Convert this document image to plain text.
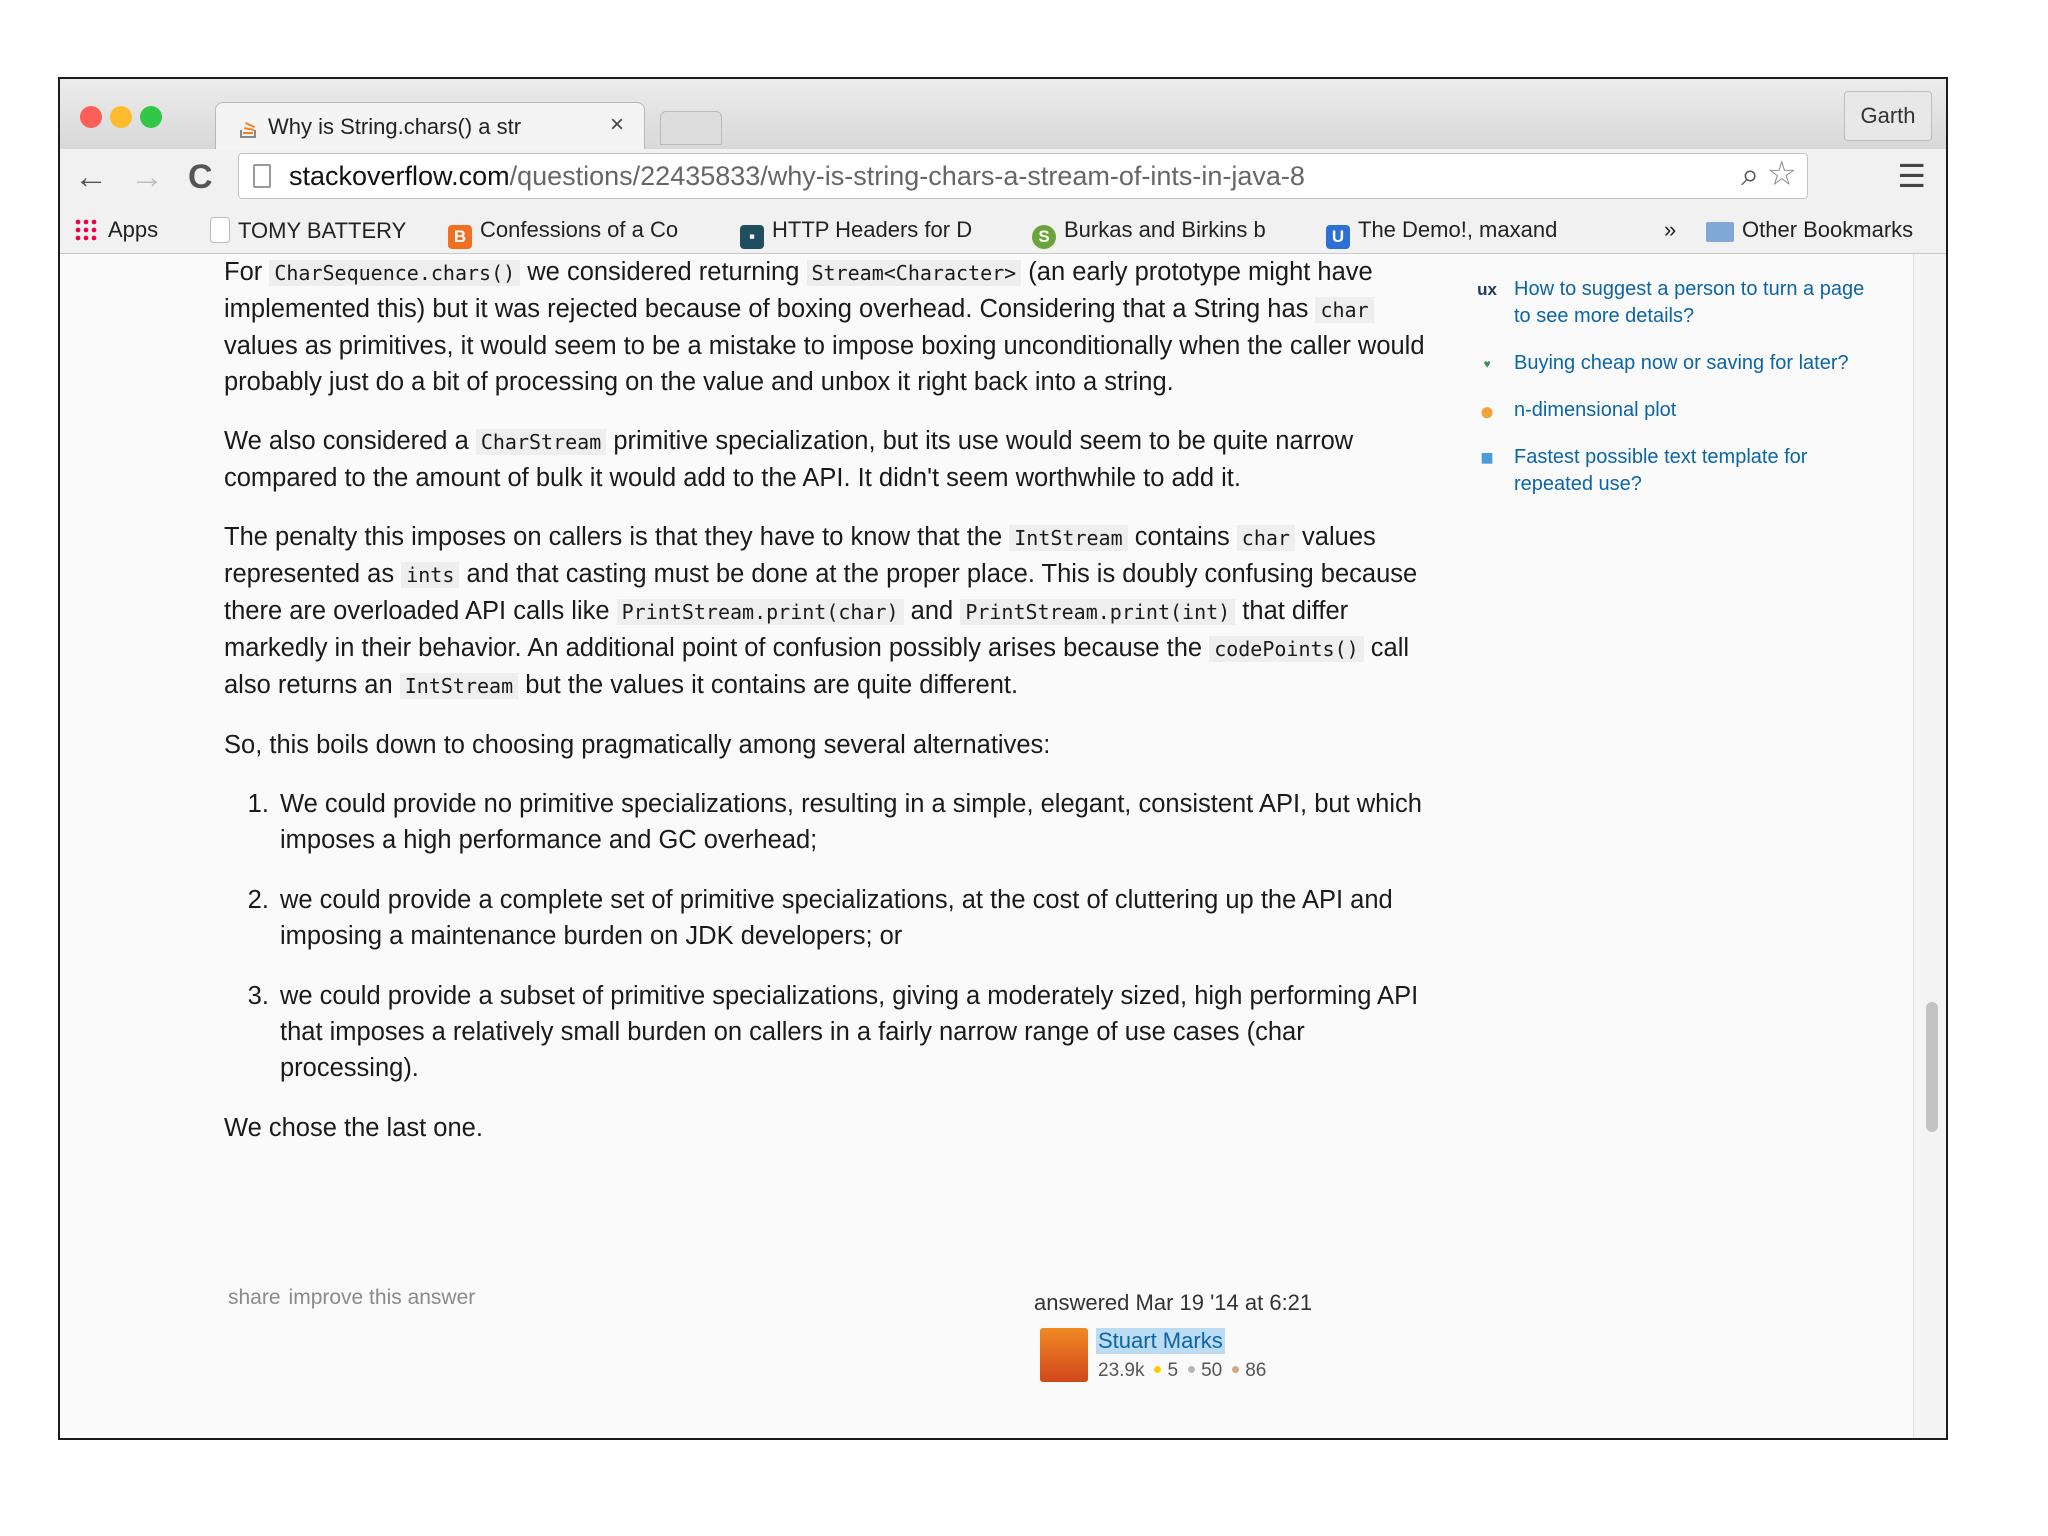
Why is String.chars() a str	×	Garth
← → C	stackoverflow.com/questions/22435833/why-is-string-chars-a-stream-of-ints-in-java-8	⌕ ☆	☰
Apps	TOMY BATTERY	B Confessions of a Co	▪ HTTP Headers for D	S Burkas and Birkins b	U The Demo!, maxand	»	Other Bookmarks

For CharSequence.chars() we considered returning Stream<Character> (an early prototype might have implemented this) but it was rejected because of boxing overhead. Considering that a String has char values as primitives, it would seem to be a mistake to impose boxing unconditionally when the caller would probably just do a bit of processing on the value and unbox it right back into a string.

We also considered a CharStream primitive specialization, but its use would seem to be quite narrow compared to the amount of bulk it would add to the API. It didn't seem worthwhile to add it.

The penalty this imposes on callers is that they have to know that the IntStream contains char values represented as ints and that casting must be done at the proper place. This is doubly confusing because there are overloaded API calls like PrintStream.print(char) and PrintStream.print(int) that differ markedly in their behavior. An additional point of confusion possibly arises because the codePoints() call also returns an IntStream but the values it contains are quite different.

So, this boils down to choosing pragmatically among several alternatives:

1. We could provide no primitive specializations, resulting in a simple, elegant, consistent API, but which imposes a high performance and GC overhead;
2. we could provide a complete set of primitive specializations, at the cost of cluttering up the API and imposing a maintenance burden on JDK developers; or
3. we could provide a subset of primitive specializations, giving a moderately sized, high performing API that imposes a relatively small burden on callers in a fairly narrow range of use cases (char processing).

We chose the last one.

share improve this answer	answered Mar 19 '14 at 6:21
Stuart Marks
23.9k 5 50 86
ux How to suggest a person to turn a page to see more details?
♥	Buying cheap now or saving for later?
● n-dimensional plot
■	Fastest possible text template for repeated use?
